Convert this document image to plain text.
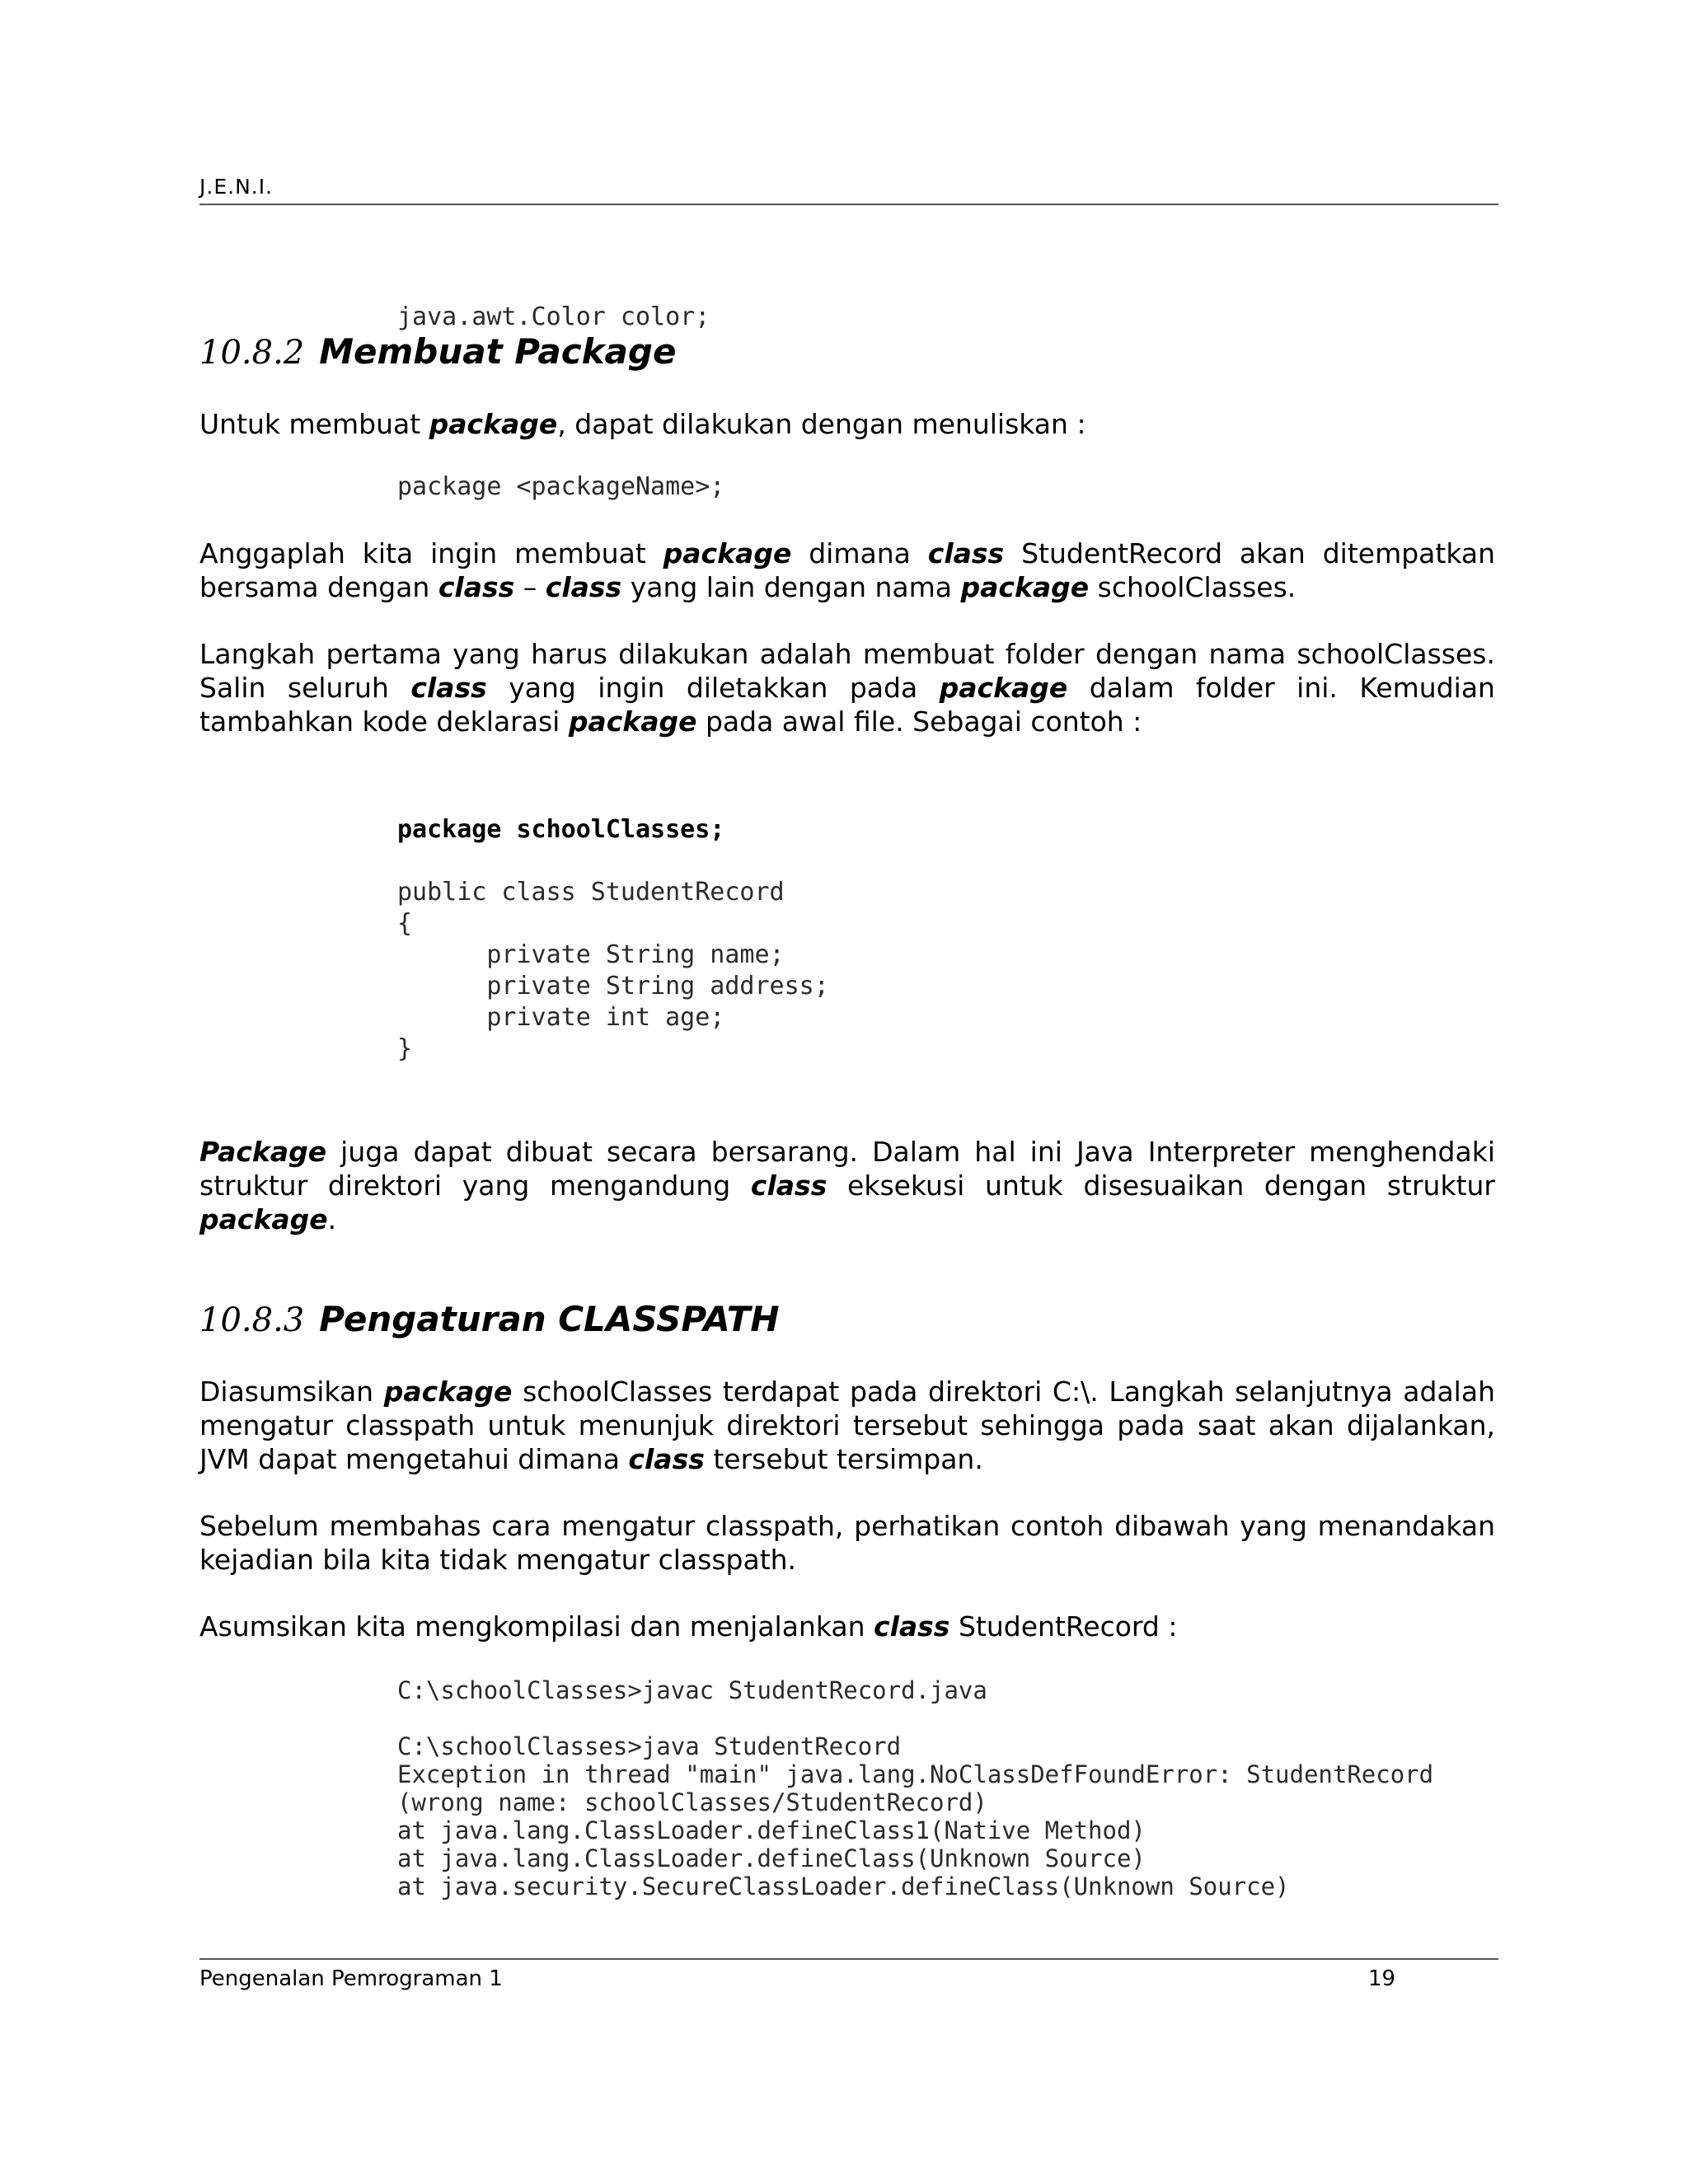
J.E.N.I.
java.awt.Color color;
10.8.2 Membuat Package
Untuk membuat package, dapat dilakukan dengan menuliskan :
package <packageName>;
Anggaplah kita ingin membuat package dimana class StudentRecord akan ditempatkan bersama dengan class – class yang lain dengan nama package schoolClasses.
Langkah pertama yang harus dilakukan adalah membuat folder dengan nama schoolClasses. Salin seluruh class yang ingin diletakkan pada package dalam folder ini. Kemudian tambahkan kode deklarasi package pada awal file. Sebagai contoh :
package schoolClasses;
public class StudentRecord
{
private String name;
private String address;
private int age;
}
Package juga dapat dibuat secara bersarang. Dalam hal ini Java Interpreter menghendaki struktur direktori yang mengandung class eksekusi untuk disesuaikan dengan struktur package.
10.8.3 Pengaturan CLASSPATH
Diasumsikan package schoolClasses terdapat pada direktori C:\. Langkah selanjutnya adalah mengatur classpath untuk menunjuk direktori tersebut sehingga pada saat akan dijalankan, JVM dapat mengetahui dimana class tersebut tersimpan.
Sebelum membahas cara mengatur classpath, perhatikan contoh dibawah yang menandakan kejadian bila kita tidak mengatur classpath.
Asumsikan kita mengkompilasi dan menjalankan class StudentRecord :
C:\schoolClasses>javac StudentRecord.java
C:\schoolClasses>java StudentRecord
Exception in thread "main" java.lang.NoClassDefFoundError: StudentRecord
(wrong name: schoolClasses/StudentRecord)
at java.lang.ClassLoader.defineClass1(Native Method)
at java.lang.ClassLoader.defineClass(Unknown Source)
at java.security.SecureClassLoader.defineClass(Unknown Source)
Pengenalan Pemrograman 1	19
